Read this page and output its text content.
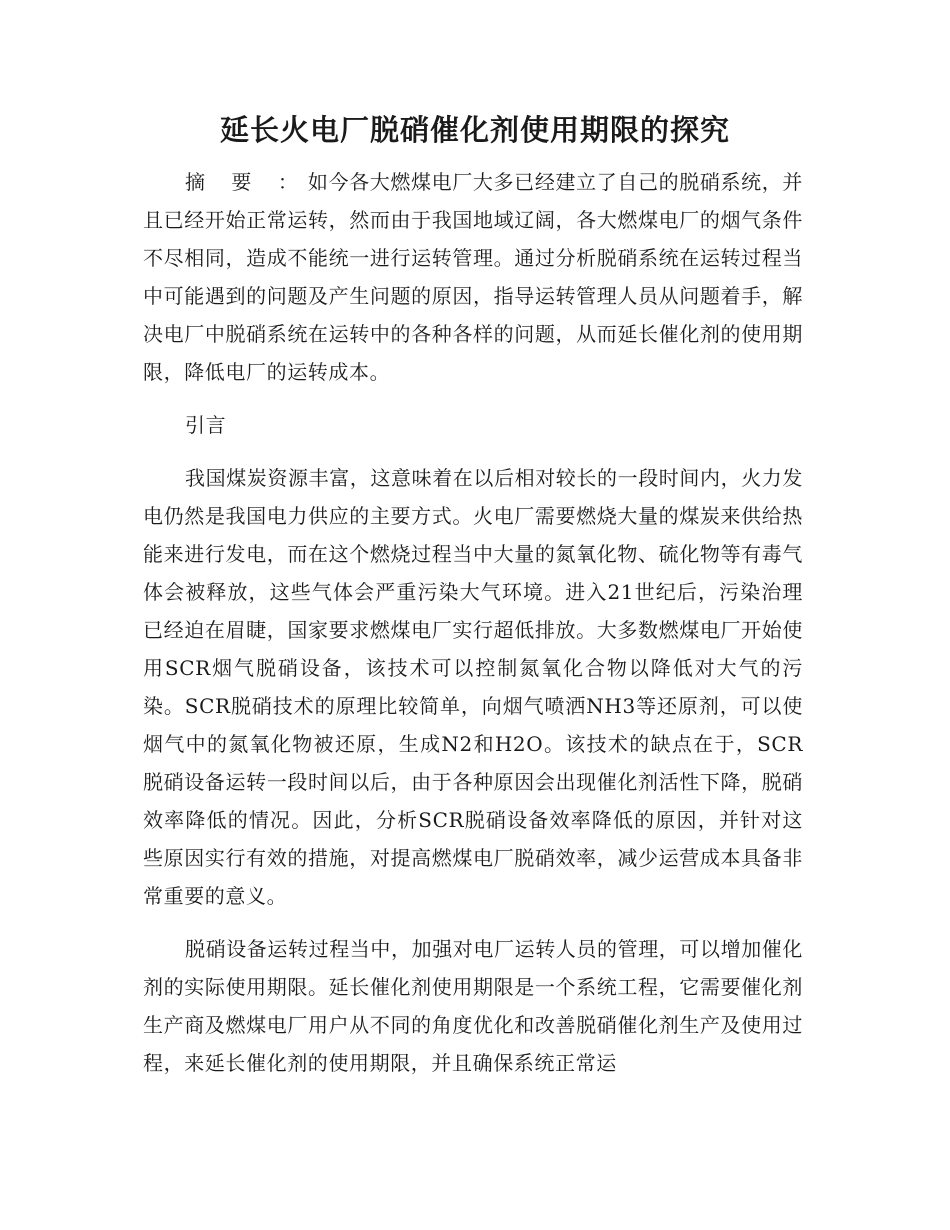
延长火电厂脱硝催化剂使用期限的探究

摘 要 ：如今各大燃煤电厂大多已经建立了自己的脱硝系统，并且已经开始正常运转，然而由于我国地域辽阔，各大燃煤电厂的烟气条件不尽相同，造成不能统一进行运转管理。通过分析脱硝系统在运转过程当中可能遇到的问题及产生问题的原因，指导运转管理人员从问题着手，解决电厂中脱硝系统在运转中的各种各样的问题，从而延长催化剂的使用期限，降低电厂的运转成本。

引言

我国煤炭资源丰富，这意味着在以后相对较长的一段时间内，火力发电仍然是我国电力供应的主要方式。火电厂需要燃烧大量的煤炭来供给热能来进行发电，而在这个燃烧过程当中大量的氮氧化物、硫化物等有毒气体会被释放，这些气体会严重污染大气环境。进入21世纪后，污染治理已经迫在眉睫，国家要求燃煤电厂实行超低排放。大多数燃煤电厂开始使用SCR烟气脱硝设备，该技术可以控制氮氧化合物以降低对大气的污染。SCR脱硝技术的原理比较简单，向烟气喷洒NH3等还原剂，可以使烟气中的氮氧化物被还原，生成N2和H2O。该技术的缺点在于，SCR脱硝设备运转一段时间以后，由于各种原因会出现催化剂活性下降，脱硝效率降低的情况。因此，分析SCR脱硝设备效率降低的原因，并针对这些原因实行有效的措施，对提高燃煤电厂脱硝效率，减少运营成本具备非常重要的意义。

脱硝设备运转过程当中，加强对电厂运转人员的管理，可以增加催化剂的实际使用期限。延长催化剂使用期限是一个系统工程，它需要催化剂生产商及燃煤电厂用户从不同的角度优化和改善脱硝催化剂生产及使用过程，来延长催化剂的使用期限，并且确保系统正常运
